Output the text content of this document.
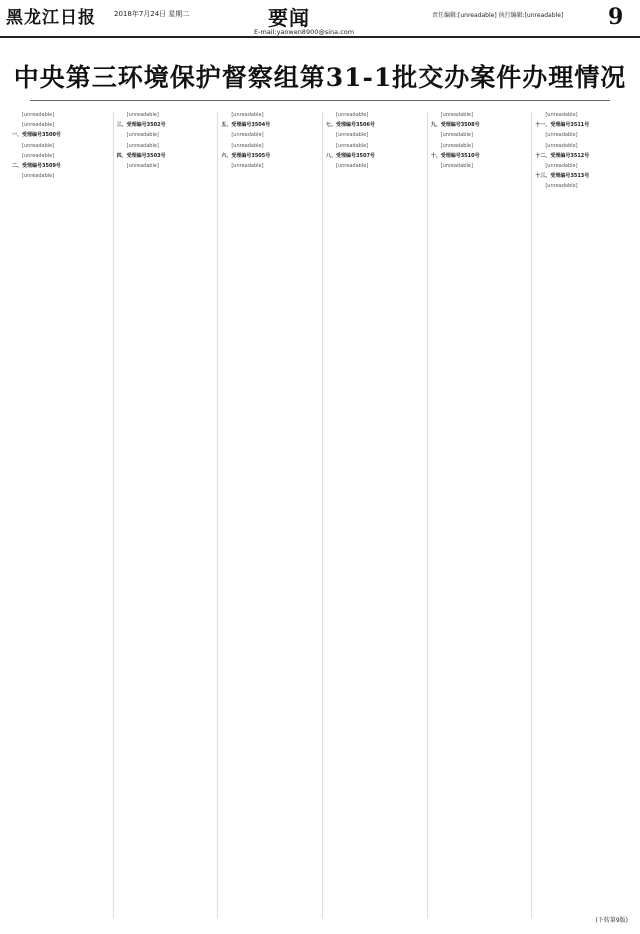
黑龙江日报	2018年7月24日 星期二	要闻
E-mail:yaowen8900@sina.com
责任编辑:[unreadable] 执行编辑:[unreadable] 9
中央第三环境保护督察组第31-1批交办案件办理情况

[unreadable]

[unreadable]

一、受理编号3500号

[unreadable]

[unreadable]

二、受理编号3509号

[unreadable]

[unreadable]

三、受理编号3502号

[unreadable]

[unreadable]

四、受理编号3503号

[unreadable]

[unreadable]

五、受理编号3504号

[unreadable]

[unreadable]

六、受理编号3505号

[unreadable]

[unreadable]

七、受理编号3506号

[unreadable]

[unreadable]

八、受理编号3507号

[unreadable]

[unreadable]

九、受理编号3508号

[unreadable]

[unreadable]

十、受理编号3510号

[unreadable]

[unreadable]

十一、受理编号3511号

[unreadable]

[unreadable]

十二、受理编号3512号

[unreadable]

十三、受理编号3513号

[unreadable]

(下转第9版)
